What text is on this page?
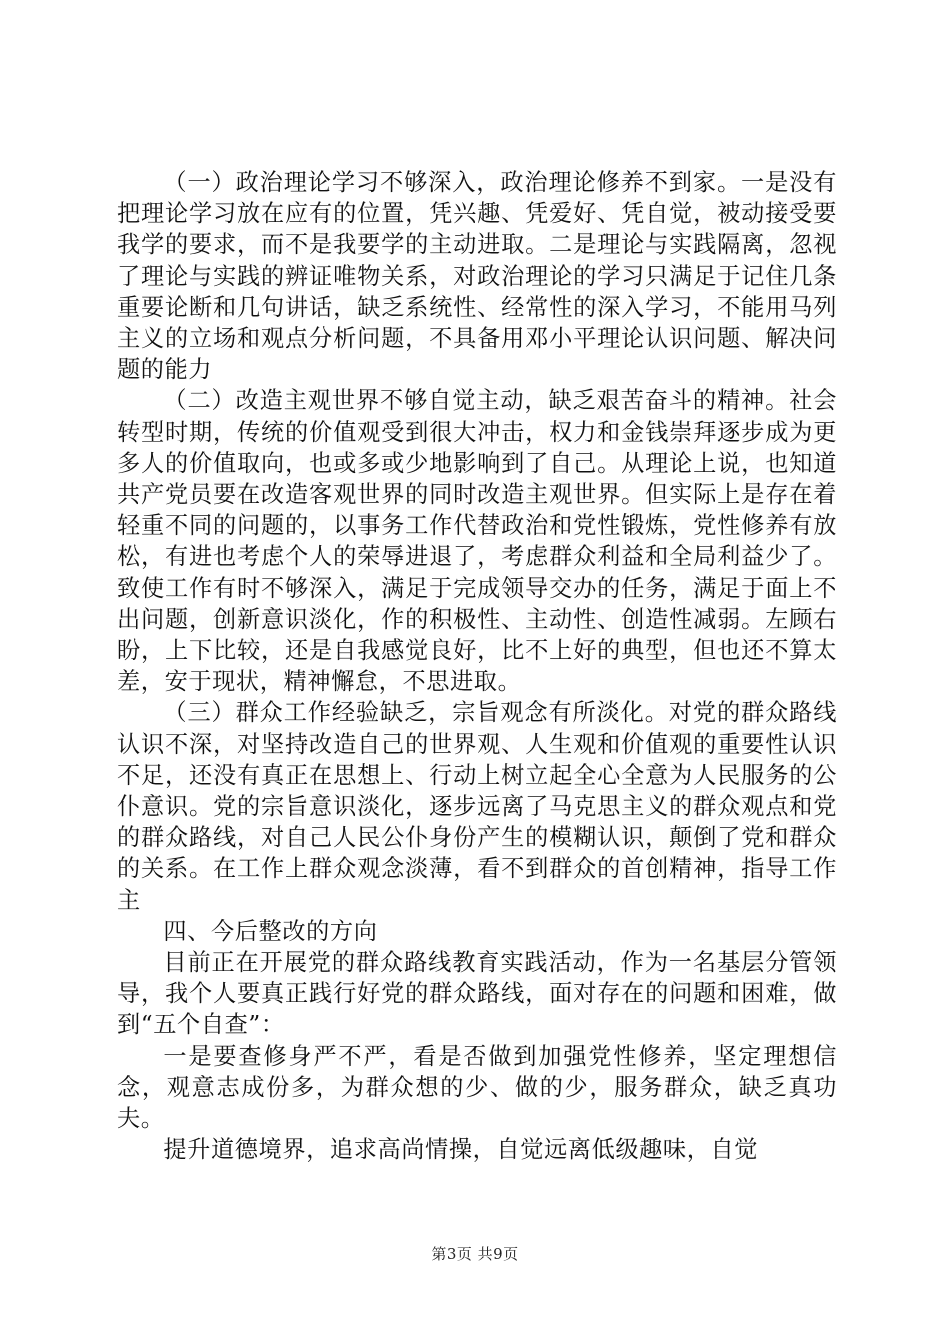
（一）政治理论学习不够深入，政治理论修养不到家。一是没有把理论学习放在应有的位置，凭兴趣、凭爱好、凭自觉，被动接受要我学的要求，而不是我要学的主动进取。二是理论与实践隔离，忽视了理论与实践的辨证唯物关系，对政治理论的学习只满足于记住几条重要论断和几句讲话，缺乏系统性、经常性的深入学习，不能用马列主义的立场和观点分析问题，不具备用邓小平理论认识问题、解决问题的能力

（二）改造主观世界不够自觉主动，缺乏艰苦奋斗的精神。社会转型时期，传统的价值观受到很大冲击，权力和金钱崇拜逐步成为更多人的价值取向，也或多或少地影响到了自己。从理论上说，也知道共产党员要在改造客观世界的同时改造主观世界。但实际上是存在着轻重不同的问题的，以事务工作代替政治和党性锻炼，党性修养有放松，有进也考虑个人的荣辱进退了，考虑群众利益和全局利益少了。致使工作有时不够深入，满足于完成领导交办的任务，满足于面上不出问题，创新意识淡化，作的积极性、主动性、创造性减弱。左顾右盼，上下比较，还是自我感觉良好，比不上好的典型，但也还不算太差，安于现状，精神懈怠，不思进取。

（三）群众工作经验缺乏，宗旨观念有所淡化。对党的群众路线认识不深，对坚持改造自己的世界观、人生观和价值观的重要性认识不足，还没有真正在思想上、行动上树立起全心全意为人民服务的公仆意识。党的宗旨意识淡化，逐步远离了马克思主义的群众观点和党的群众路线，对自己人民公仆身份产生的模糊认识，颠倒了党和群众的关系。在工作上群众观念淡薄，看不到群众的首创精神，指导工作主

四、今后整改的方向

目前正在开展党的群众路线教育实践活动，作为一名基层分管领导，我个人要真正践行好党的群众路线，面对存在的问题和困难，做到“五个自查”：

一是要查修身严不严，看是否做到加强党性修养，坚定理想信念，观意志成份多，为群众想的少、做的少，服务群众，缺乏真功夫。

提升道德境界，追求高尚情操，自觉远离低级趣味，自觉

第3页 共9页
